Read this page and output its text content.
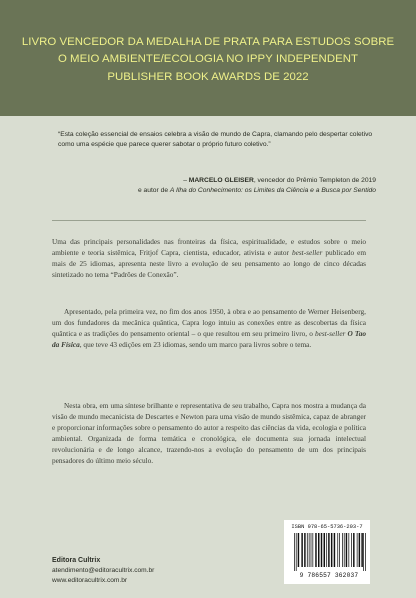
LIVRO VENCEDOR DA MEDALHA DE PRATA PARA ESTUDOS SOBRE
O MEIO AMBIENTE/ECOLOGIA NO IPPY INDEPENDENT
PUBLISHER BOOK AWARDS DE 2022
“Esta coleção essencial de ensaios celebra a visão de mundo de Capra, clamando pelo despertar coletivo como uma espécie que parece querer sabotar o próprio futuro coletivo.”
– MARCELO GLEISER, vencedor do Prêmio Templeton de 2019
e autor de A Ilha do Conhecimento: os Limites da Ciência e a Busca por Sentido

Uma das principais personalidades nas fronteiras da física, espiritualidade, e estudos sobre o meio ambiente e teoria sistêmica, Fritjof Capra, cientista, educador, ativista e autor best-seller publicado em mais de 25 idiomas, apresenta neste livro a evolução de seu pensamento ao longo de cinco décadas sintetizado no tema “Padrões de Conexão”.

Apresentado, pela primeira vez, no fim dos anos 1950, à obra e ao pensamento de Werner Heisenberg, um dos fundadores da mecânica quântica, Capra logo intuiu as conexões entre as descobertas da física quântica e as tradições do pensamento oriental – o que resultou em seu primeiro livro, o best-seller O Tao da Física, que teve 43 edições em 23 idiomas, sendo um marco para livros sobre o tema.

Nesta obra, em uma síntese brilhante e representativa de seu trabalho, Capra nos mostra a mudança da visão de mundo mecanicista de Descartes e Newton para uma visão de mundo sistêmica, capaz de abranger e proporcionar informações sobre o pensamento do autor a respeito das ciências da vida, ecologia e política ambiental. Organizada de forma temática e cronológica, ele documenta sua jornada intelectual revolucionária e de longo alcance, trazendo-nos a evolução do pensamento de um dos principais pensadores do último meio século.

Editora Cultrix
atendimento@editoracultrix.com.br
www.editoracultrix.com.br
ISBN 978-65-5736-203-7
9 786557 362037
